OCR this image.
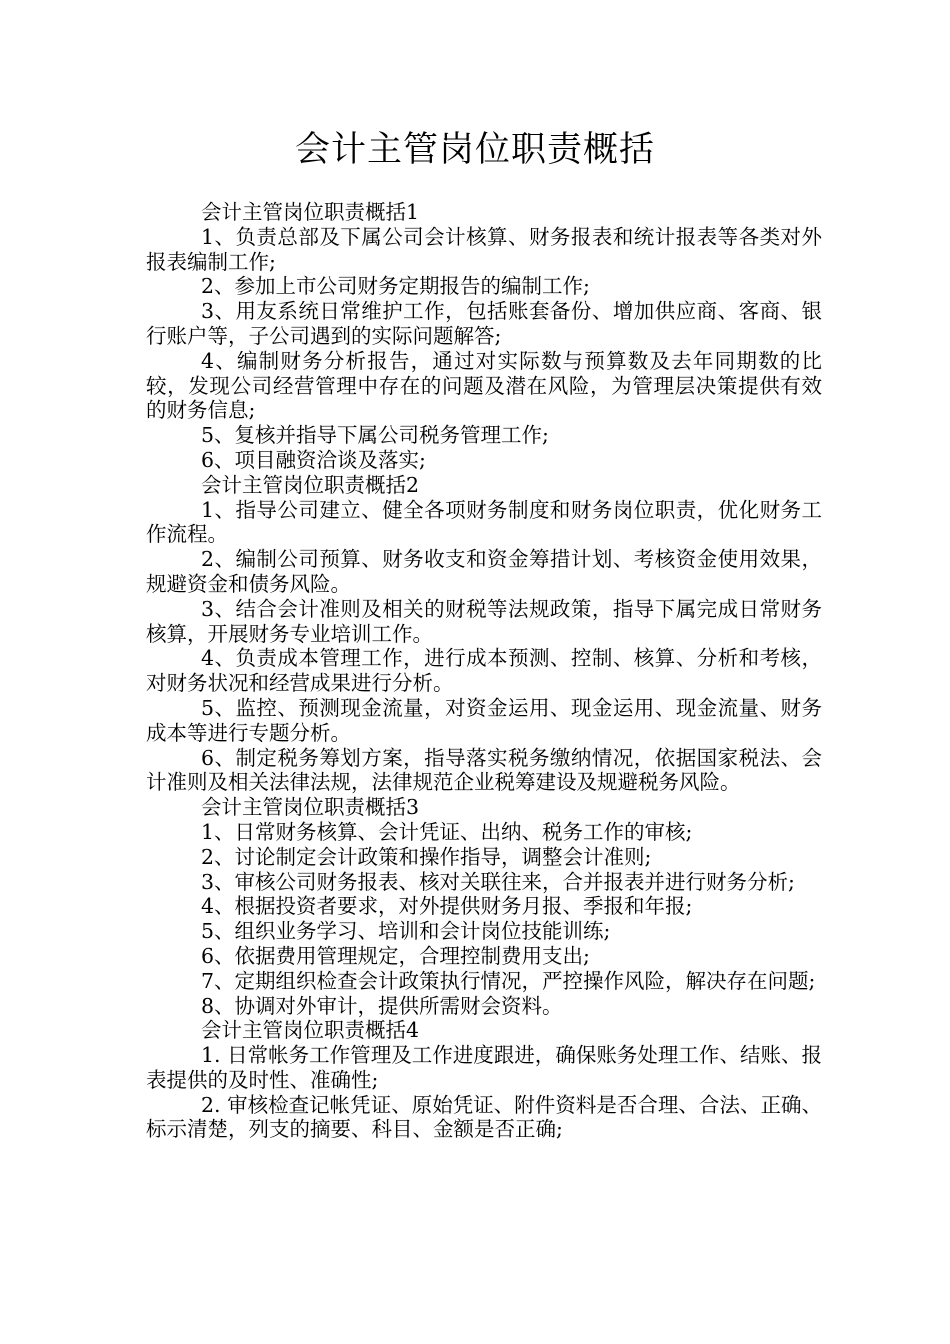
会计主管岗位职责概括

会计主管岗位职责概括1

1、负责总部及下属公司会计核算、财务报表和统计报表等各类对外报表编制工作;

2、参加上市公司财务定期报告的编制工作;

3、用友系统日常维护工作，包括账套备份、增加供应商、客商、银行账户等，子公司遇到的实际问题解答;

4、编制财务分析报告，通过对实际数与预算数及去年同期数的比较，发现公司经营管理中存在的问题及潜在风险，为管理层决策提供有效的财务信息;

5、复核并指导下属公司税务管理工作;

6、项目融资洽谈及落实;

会计主管岗位职责概括2

1、指导公司建立、健全各项财务制度和财务岗位职责，优化财务工作流程。

2、编制公司预算、财务收支和资金筹措计划、考核资金使用效果，规避资金和债务风险。

3、结合会计准则及相关的财税等法规政策，指导下属完成日常财务核算，开展财务专业培训工作。

4、负责成本管理工作，进行成本预测、控制、核算、分析和考核，对财务状况和经营成果进行分析。

5、监控、预测现金流量，对资金运用、现金运用、现金流量、财务成本等进行专题分析。

6、制定税务筹划方案，指导落实税务缴纳情况，依据国家税法、会计准则及相关法律法规，法律规范企业税筹建设及规避税务风险。

会计主管岗位职责概括3

1、日常财务核算、会计凭证、出纳、税务工作的审核;

2、讨论制定会计政策和操作指导，调整会计准则;

3、审核公司财务报表、核对关联往来，合并报表并进行财务分析;

4、根据投资者要求，对外提供财务月报、季报和年报;

5、组织业务学习、培训和会计岗位技能训练;

6、依据费用管理规定，合理控制费用支出;

7、定期组织检查会计政策执行情况，严控操作风险，解决存在问题;

8、协调对外审计，提供所需财会资料。

会计主管岗位职责概括4

1. 日常帐务工作管理及工作进度跟进，确保账务处理工作、结账、报表提供的及时性、准确性;

2. 审核检查记帐凭证、原始凭证、附件资料是否合理、合法、正确、标示清楚，列支的摘要、科目、金额是否正确;
